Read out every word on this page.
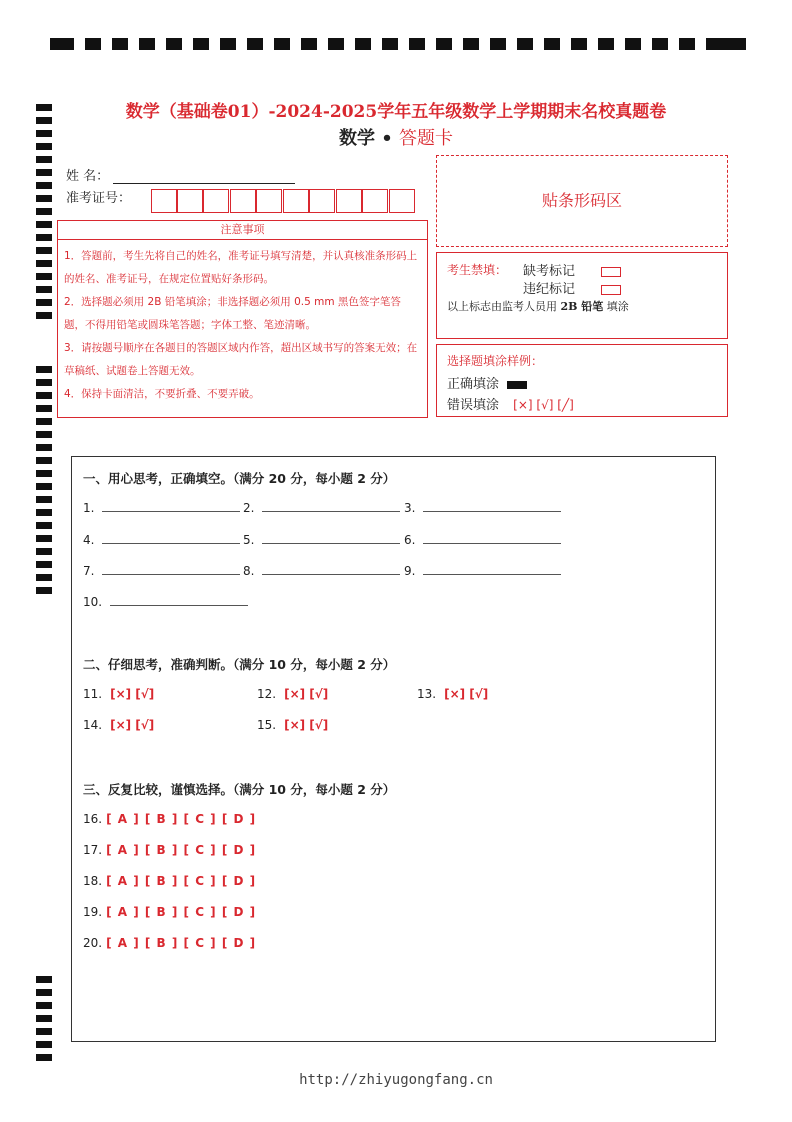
数学（基础卷01）-2024-2025学年五年级数学上学期期末名校真题卷
数学 • 答题卡
姓 名：
准考证号：	贴条形码区
注意事项
1．答题前，考生先将自己的姓名，准考证号填写清楚，并认真核准条形码上的姓名、准考证号，在规定位置贴好条形码。
2．选择题必须用 2B 铅笔填涂；非选择题必须用 0.5 mm 黑色签字笔答题，不得用铅笔或圆珠笔答题；字体工整、笔迹清晰。
3．请按题号顺序在各题目的答题区域内作答，超出区域书写的答案无效；在草稿纸、试题卷上答题无效。
4．保持卡面清洁，不要折叠、不要弄破。
考生禁填： 缺考标记
违纪标记
以上标志由监考人员用 2B 铅笔 填涂
选择题填涂样例：
正确填涂
错误填涂 [×] [√] [╱]
一、用心思考，正确填空。（满分 20 分，每小题 2 分）
1.	2.	3.
4.	5.	6.
7.	8.	9.
10.
二、仔细思考，准确判断。（满分 10 分，每小题 2 分）
11. [×] [√]	12. [×] [√]	13. [×] [√]
14. [×] [√]	15. [×] [√]
三、反复比较，谨慎选择。（满分 10 分，每小题 2 分）
16. [ A ] [ B ] [ C ] [ D ]
17. [ A ] [ B ] [ C ] [ D ]
18. [ A ] [ B ] [ C ] [ D ]
19. [ A ] [ B ] [ C ] [ D ]
20. [ A ] [ B ] [ C ] [ D ]
http://zhiyugongfang.cn
